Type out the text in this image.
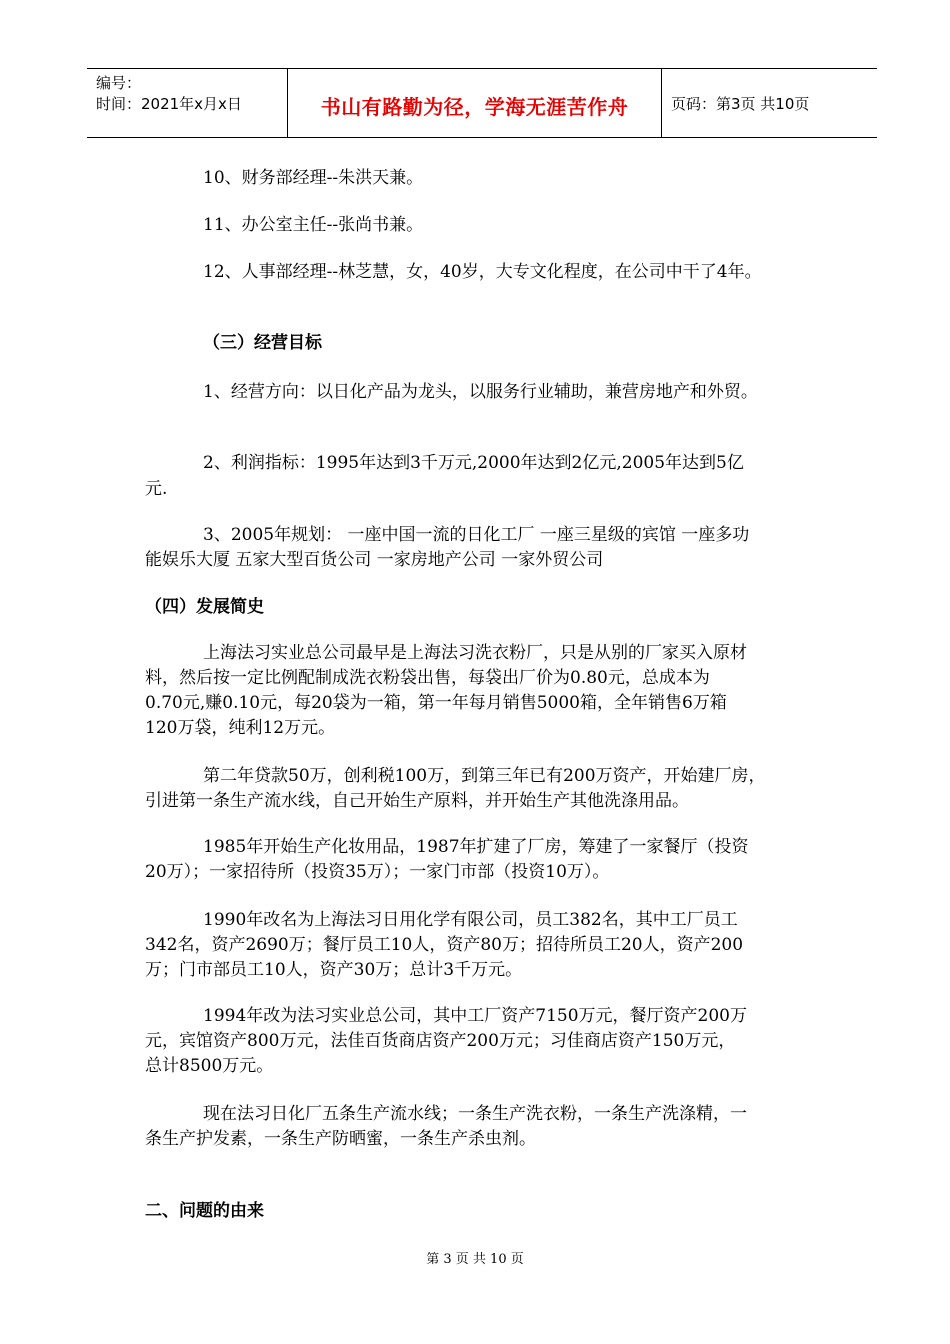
编号：
时间：2021年x月x日	书山有路勤为径，学海无涯苦作舟	页码：第3页 共10页
10、财务部经理--朱洪天兼。
11、办公室主任--张尚书兼。
12、人事部经理--林芝慧，女，40岁，大专文化程度，在公司中干了4年。
（三）经营目标
1、经营方向：以日化产品为龙头，以服务行业辅助，兼营房地产和外贸。
2、利润指标：1995年达到3千万元,2000年达到2亿元,2005年达到5亿
元.
3、2005年规划： 一座中国一流的日化工厂 一座三星级的宾馆 一座多功
能娱乐大厦 五家大型百货公司 一家房地产公司 一家外贸公司
（四）发展简史
上海法习实业总公司最早是上海法习洗衣粉厂，只是从别的厂家买入原材
料，然后按一定比例配制成洗衣粉袋出售，每袋出厂价为0.80元，总成本为
0.70元,赚0.10元，每20袋为一箱，第一年每月销售5000箱，全年销售6万箱
120万袋，纯利12万元。
第二年贷款50万，创利税100万，到第三年已有200万资产，开始建厂房，
引进第一条生产流水线，自己开始生产原料，并开始生产其他洗涤用品。
1985年开始生产化妆用品，1987年扩建了厂房，筹建了一家餐厅（投资
20万）；一家招待所（投资35万）；一家门市部（投资10万）。
1990年改名为上海法习日用化学有限公司，员工382名，其中工厂员工
342名，资产2690万；餐厅员工10人，资产80万；招待所员工20人，资产200
万；门市部员工10人，资产30万；总计3千万元。
1994年改为法习实业总公司，其中工厂资产7150万元，餐厅资产200万
元，宾馆资产800万元，法佳百货商店资产200万元；习佳商店资产150万元，
总计8500万元。
现在法习日化厂五条生产流水线；一条生产洗衣粉，一条生产洗涤精，一
条生产护发素，一条生产防晒蜜，一条生产杀虫剂。
二、问题的由来
第 3 页 共 10 页
